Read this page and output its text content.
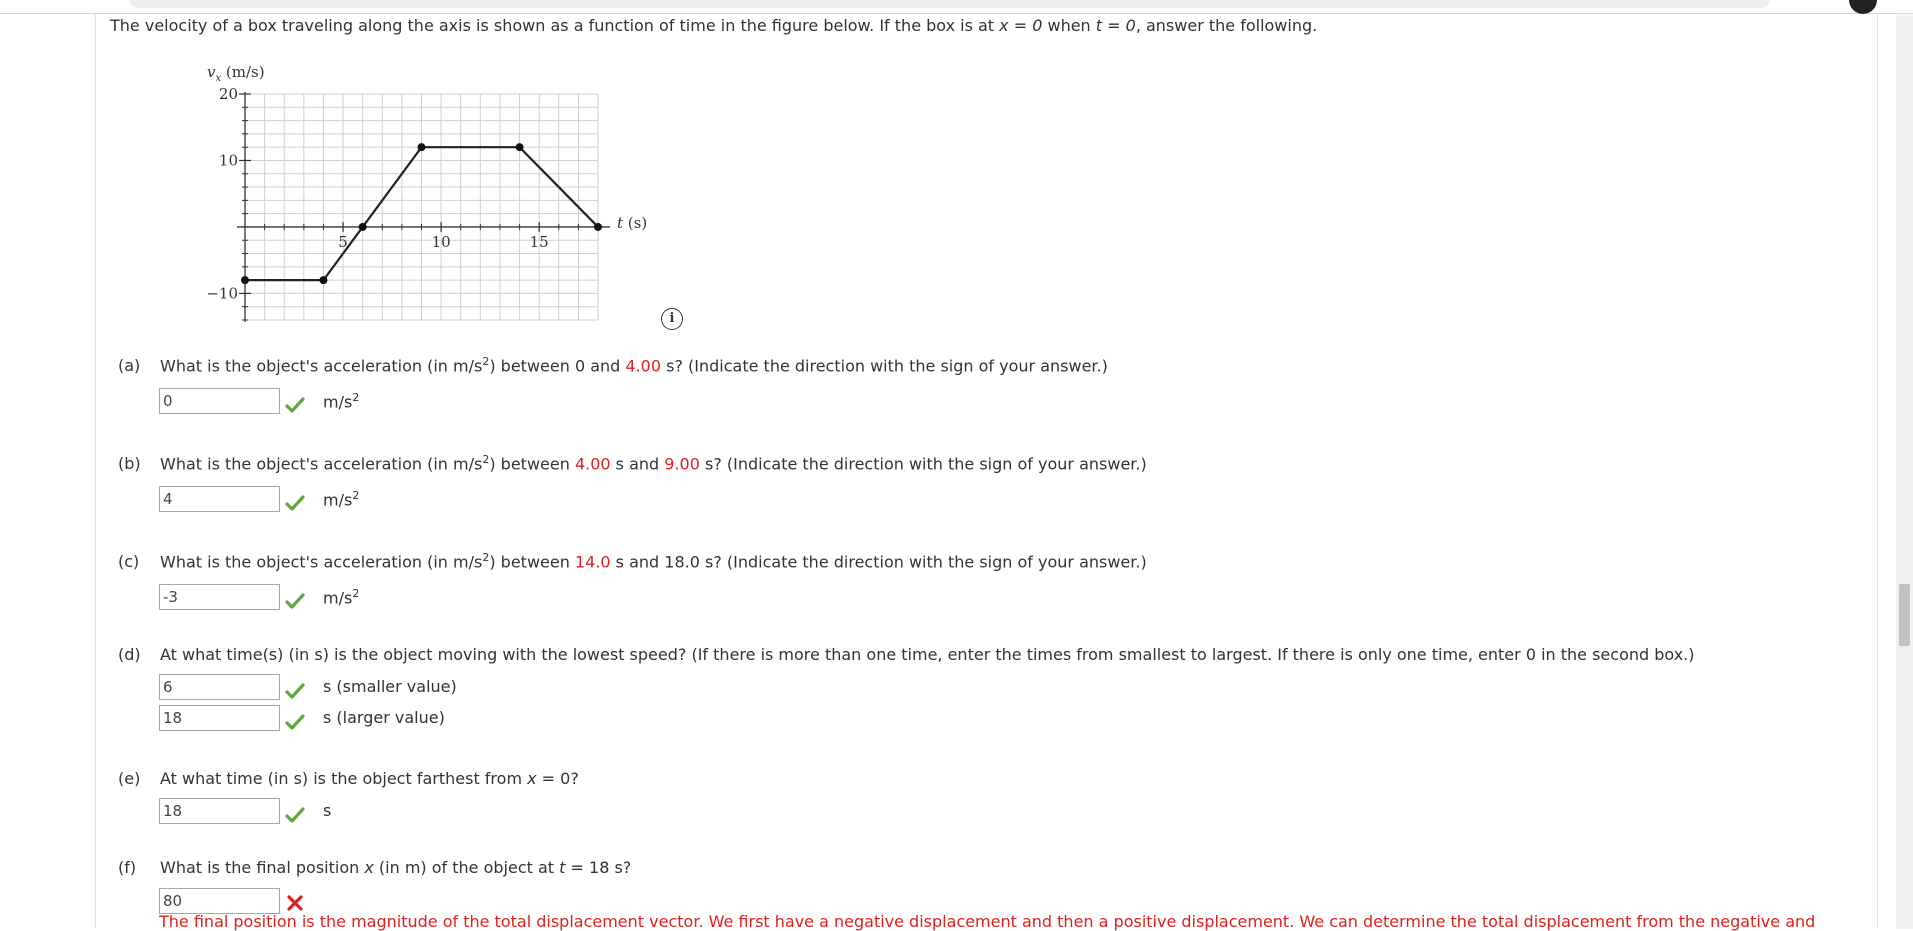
The velocity of a box traveling along the axis is shown as a function of time in the figure below. If the box is at x = 0 when t = 0, answer the following.
5	10	15
20
10
−10
$v_x$ (m/s)
t (s)
i
(a) What is the object's acceleration (in $m/s^2$) between 0 and 4.00 s? (Indicate the direction with the sign of your answer.)
0
$m/s^2$
(b) What is the object's acceleration (in $m/s^2$) between 4.00 s and 9.00 s? (Indicate the direction with the sign of your answer.)
4
$m/s^2$
(c) What is the object's acceleration (in $m/s^2$) between 14.0 s and 18.0 s? (Indicate the direction with the sign of your answer.)
-3
$m/s^2$
(d) At what time(s) (in s) is the object moving with the lowest speed? (If there is more than one time, enter the times from smallest to largest. If there is only one time, enter 0 in the second box.)
6
s (smaller value)
18
s (larger value)
(e) At what time (in s) is the object farthest from x = 0?
18
s
(f) What is the final position x (in m) of the object at t = 18 s?
80
The final position is the magnitude of the total displacement vector. We first have a negative displacement and then a positive displacement. We can determine the total displacement from the negative and
